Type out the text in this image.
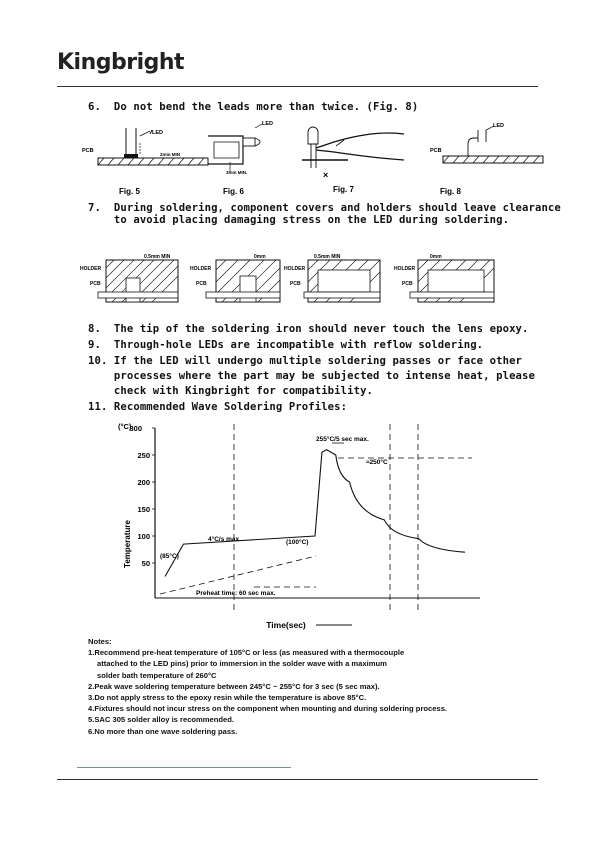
Kingbright
6.  Do not bend the leads more than twice. (Fig. 8)
LED
PCB
2mm MIN
LED
3mm MIN.	×
LED
PCB
Fig. 5	Fig. 6	Fig. 7	Fig. 8
7.  During soldering, component covers and holders should leave clearance
to avoid placing damaging stress on the LED during soldering.
HOLDER
PCB
0.5mm MIN
HOLDER
PCB
0mm
HOLDER
PCB
0.5mm MIN
HOLDER
PCB
0mm
8.  The tip of the soldering iron should never touch the lens epoxy.
9.  Through-hole LEDs are incompatible with reflow soldering.
10. If the LED will undergo multiple soldering passes or face other
processes where the part may be subjected to intense heat, please
check with Kingbright for compatibility.
11. Recommended Wave Soldering Profiles:
300
250
200
150
100
50
(°C)
Temperature
Time(sec)
255°C/5 sec max.
≈250°C
4°C/s max	(100°C)
(85°C)
Preheat time: 60 sec max.
Notes:
1.Recommend pre-heat temperature of 105°C or less (as measured with a thermocouple
attached to the LED pins) prior to immersion in the solder wave with a maximum
solder bath temperature of 260°C
2.Peak wave soldering temperature between 245°C ~ 255°C for 3 sec (5 sec max).
3.Do not apply stress to the epoxy resin while the temperature is above 85°C.
4.Fixtures should not incur stress on the component when mounting and during soldering process.
5.SAC 305 solder alloy is recommended.
6.No more than one wave soldering pass.
